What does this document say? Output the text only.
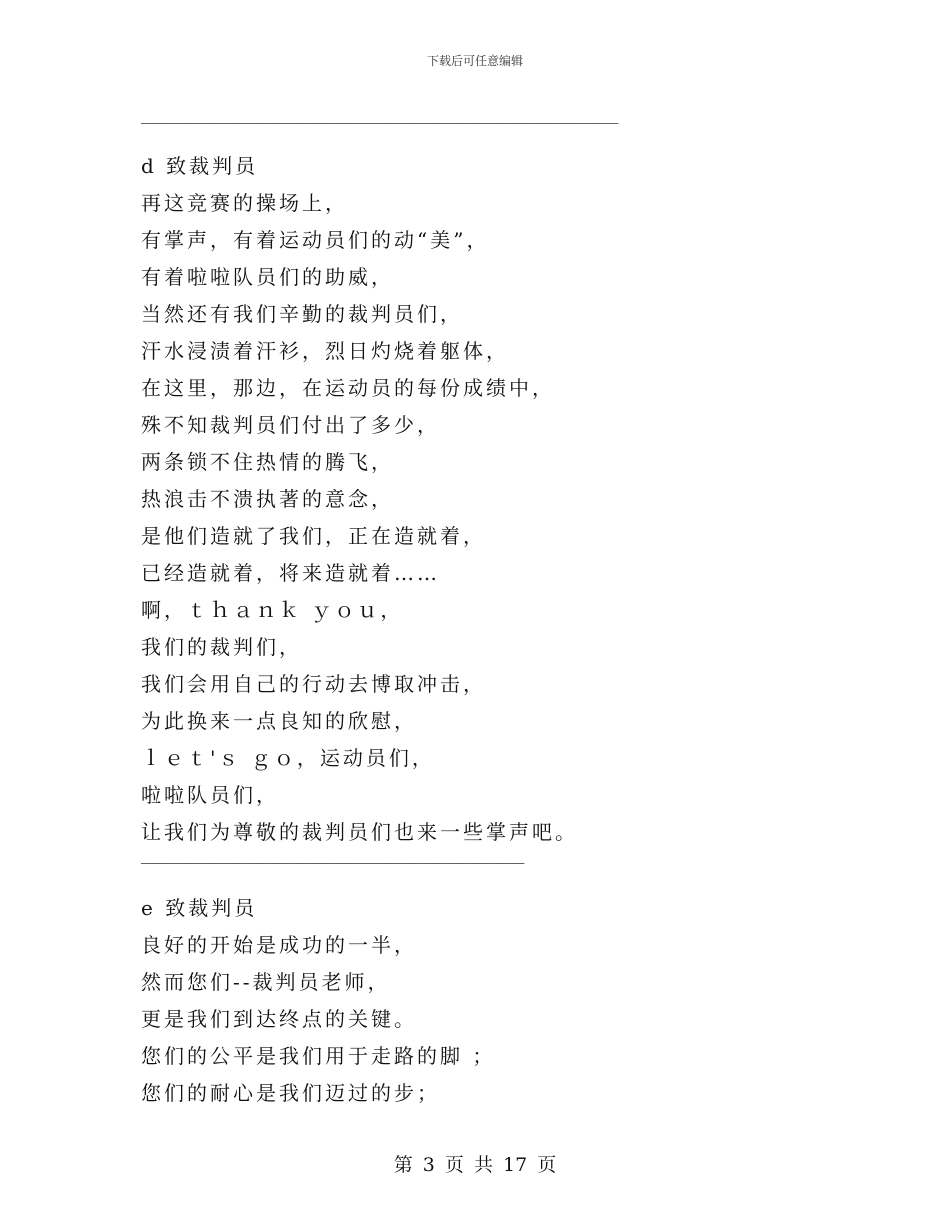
下载后可任意编辑
―――――――――――――――――――――――――――――――――――――――――――――――――――――――――――――
d 致裁判员
再这竞赛的操场上，
有掌声，有着运动员们的动“美”，
有着啦啦队员们的助威，
当然还有我们辛勤的裁判员们，
汗水浸渍着汗衫，烈日灼烧着躯体，
在这里，那边，在运动员的每份成绩中，
殊不知裁判员们付出了多少，
两条锁不住热情的腾飞，
热浪击不溃执著的意念，
是他们造就了我们，正在造就着，
已经造就着，将来造就着……
啊，ｔｈａｎｋ ｙｏｕ，
我们的裁判们，
我们会用自己的行动去博取冲击，
为此换来一点良知的欣慰，
ｌｅｔ'ｓ ｇｏ，运动员们，
啦啦队员们，
让我们为尊敬的裁判员们也来一些掌声吧。
―――――――――――――――――――――――――――――――――――――――――――――――――
e 致裁判员
良好的开始是成功的一半，
然而您们--裁判员老师，
更是我们到达终点的关键。
您们的公平是我们用于走路的脚 ；
您们的耐心是我们迈过的步；
第 3 页 共 17 页
